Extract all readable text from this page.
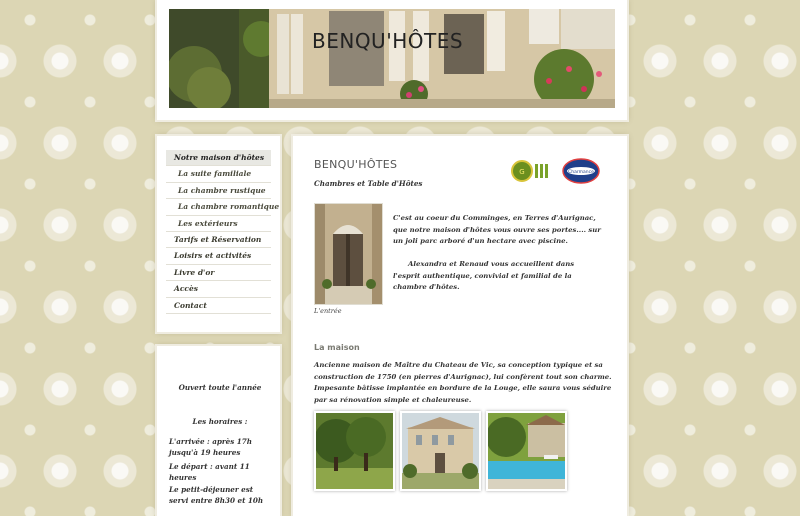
BENQU'HÔTES
Notre maison d'hôtes
La suite familiale
La chambre rustique
La chambre romantique
Les extérieurs
Tarifs et Réservation
Loisirs et activités
Livre d'or
Accès
Contact
Ouvert toute l'année
Les horaires :
L'arrivée : après 17h jusqu'à 19 heures
Le départ : avant 11 heures
Le petit-déjeuner est servi entre 8h30 et 10h
BENQU'HÔTES
Chambres et Table d'Hôtes
G	Charmance
L'entrée
C'est au coeur du Comminges, en Terres d'Aurignac, que notre maison d'hôtes vous ouvre ses portes.... sur un joli parc arboré d'un hectare avec piscine.
Alexandra et Renaud vous accueillent dans l'esprit authentique, convivial et familial de la chambre d'hôtes.
La maison
Ancienne maison de Maître du Chateau de Vic, sa conception typique et sa construction de 1750 (en pierres d'Aurignac), lui confèrent tout son charme. Impesante bâtisse implantée en bordure de la Louge, elle saura vous séduire par sa rénovation simple et chaleureuse.
